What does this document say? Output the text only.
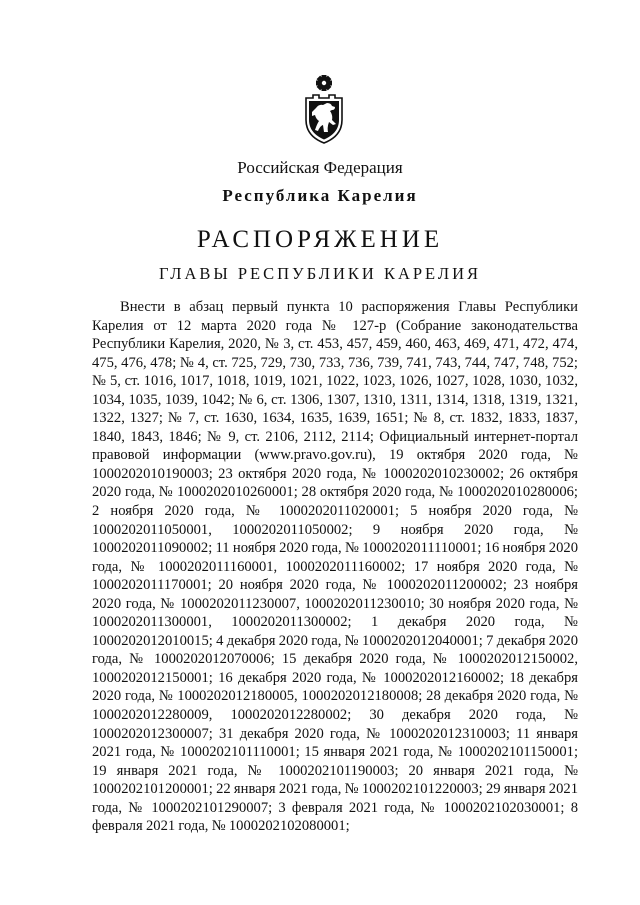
Российская Федерация
Республика Карелия
РАСПОРЯЖЕНИЕ
ГЛАВЫ РЕСПУБЛИКИ КАРЕЛИЯ

Внести в абзац первый пункта 10 распоряжения Главы Республики Карелия от 12 марта 2020 года № 127-р (Собрание законодательства Республики Карелия, 2020, № 3, ст. 453, 457, 459, 460, 463, 469, 471, 472, 474, 475, 476, 478; № 4, ст. 725, 729, 730, 733, 736, 739, 741, 743, 744, 747, 748, 752; № 5, ст. 1016, 1017, 1018, 1019, 1021, 1022, 1023, 1026, 1027, 1028, 1030, 1032, 1034, 1035, 1039, 1042; № 6, ст. 1306, 1307, 1310, 1311, 1314, 1318, 1319, 1321, 1322, 1327; № 7, ст. 1630, 1634, 1635, 1639, 1651; № 8, ст. 1832, 1833, 1837, 1840, 1843, 1846; № 9, ст. 2106, 2112, 2114; Официальный интернет-портал правовой информации (www.pravo.gov.ru), 19 октября 2020 года, № 1000202010190003; 23 октября 2020 года, № 1000202010230002; 26 октября 2020 года, № 1000202010260001; 28 октября 2020 года, № 1000202010280006; 2 ноября 2020 года, № 1000202011020001; 5 ноября 2020 года, № 1000202011050001, 1000202011050002; 9 ноября 2020 года, № 1000202011090002; 11 ноября 2020 года, № 1000202011110001; 16 ноября 2020 года, № 1000202011160001, 1000202011160002; 17 ноября 2020 года, № 1000202011170001; 20 ноября 2020 года, № 1000202011200002; 23 ноября 2020 года, № 1000202011230007, 1000202011230010; 30 ноября 2020 года, № 1000202011300001, 1000202011300002; 1 декабря 2020 года, № 1000202012010015; 4 декабря 2020 года, № 1000202012040001; 7 декабря 2020 года, № 1000202012070006; 15 декабря 2020 года, № 1000202012150002, 1000202012150001; 16 декабря 2020 года, № 1000202012160002; 18 декабря 2020 года, № 1000202012180005, 1000202012180008; 28 декабря 2020 года, № 1000202012280009, 1000202012280002; 30 декабря 2020 года, № 1000202012300007; 31 декабря 2020 года, № 1000202012310003; 11 января 2021 года, № 1000202101110001; 15 января 2021 года, № 1000202101150001; 19 января 2021 года, № 1000202101190003; 20 января 2021 года, № 1000202101200001; 22 января 2021 года, № 1000202101220003; 29 января 2021 года, № 1000202101290007; 3 февраля 2021 года, № 1000202102030001; 8 февраля 2021 года, № 1000202102080001;
